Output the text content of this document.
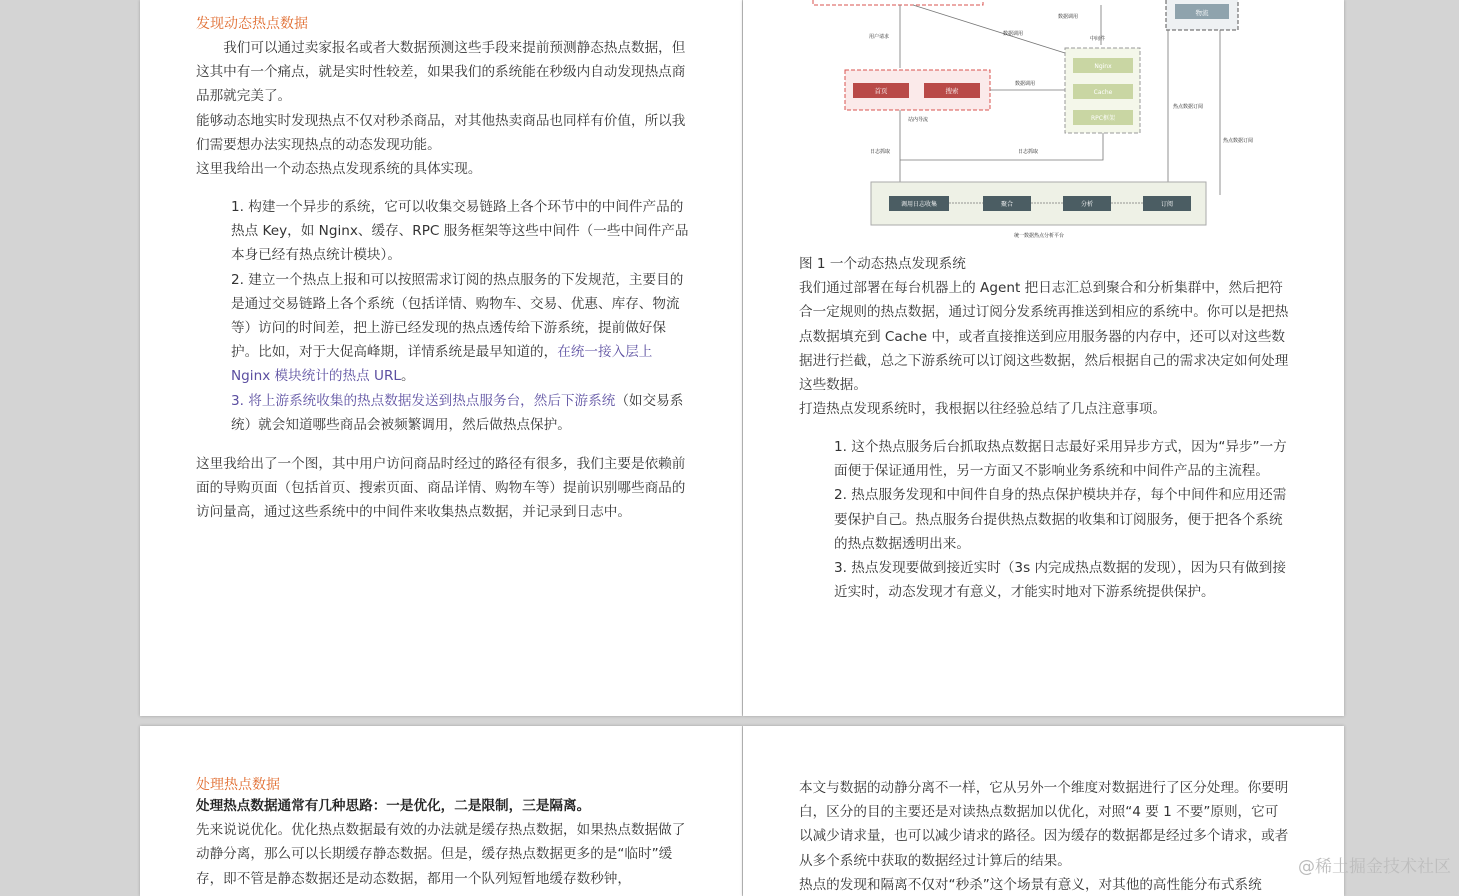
发现动态热点数据

我们可以通过卖家报名或者大数据预测这些手段来提前预测静态热点数据，但这其中有一个痛点，就是实时性较差，如果我们的系统能在秒级内自动发现热点商品那就完美了。

能够动态地实时发现热点不仅对秒杀商品，对其他热卖商品也同样有价值，所以我们需要想办法实现热点的动态发现功能。

这里我给出一个动态热点发现系统的具体实现。

1. 构建一个异步的系统，它可以收集交易链路上各个环节中的中间件产品的热点 Key，如 Nginx、缓存、RPC 服务框架等这些中间件（一些中间件产品本身已经有热点统计模块）。

2. 建立一个热点上报和可以按照需求订阅的热点服务的下发规范，主要目的是通过交易链路上各个系统（包括详情、购物车、交易、优惠、库存、物流等）访问的时间差，把上游已经发现的热点透传给下游系统，提前做好保护。比如，对于大促高峰期，详情系统是最早知道的，在统一接入层上 Nginx 模块统计的热点 URL。

3. 将上游系统收集的热点数据发送到热点服务台，然后下游系统（如交易系统）就会知道哪些商品会被频繁调用，然后做热点保护。

这里我给出了一个图，其中用户访问商品时经过的路径有很多，我们主要是依赖前面的导购页面（包括首页、搜索页面、商品详情、购物车等）提前识别哪些商品的访问量高，通过这些系统中的中间件来收集热点数据，并记录到日志中。

物流
用户请求	数据调用
数据调用
中间件
首页	搜索
站内导流
数据调用
Nginx
Cache
RPC框架
热点数据订阅
热点数据订阅
日志抓取	日志抓取
调用日志收集	聚合	分析	订阅
统一数据热点分析平台

图 1 一个动态热点发现系统

我们通过部署在每台机器上的 Agent 把日志汇总到聚合和分析集群中，然后把符合一定规则的热点数据，通过订阅分发系统再推送到相应的系统中。你可以是把热点数据填充到 Cache 中，或者直接推送到应用服务器的内存中，还可以对这些数据进行拦截，总之下游系统可以订阅这些数据，然后根据自己的需求决定如何处理这些数据。

打造热点发现系统时，我根据以往经验总结了几点注意事项。

1. 这个热点服务后台抓取热点数据日志最好采用异步方式，因为“异步”一方面便于保证通用性，另一方面又不影响业务系统和中间件产品的主流程。

2. 热点服务发现和中间件自身的热点保护模块并存，每个中间件和应用还需要保护自己。热点服务台提供热点数据的收集和订阅服务，便于把各个系统的热点数据透明出来。

3. 热点发现要做到接近实时（3s 内完成热点数据的发现），因为只有做到接近实时，动态发现才有意义，才能实时地对下游系统提供保护。

处理热点数据

处理热点数据通常有几种思路：一是优化，二是限制，三是隔离。

先来说说优化。优化热点数据最有效的办法就是缓存热点数据，如果热点数据做了动静分离，那么可以长期缓存静态数据。但是，缓存热点数据更多的是“临时”缓存，即不管是静态数据还是动态数据，都用一个队列短暂地缓存数秒钟，

本文与数据的动静分离不一样，它从另外一个维度对数据进行了区分处理。你要明白，区分的目的主要还是对读热点数据加以优化，对照“4 要 1 不要”原则，它可以减少请求量，也可以减少请求的路径。因为缓存的数据都是经过多个请求，或者从多个系统中获取的数据经过计算后的结果。

热点的发现和隔离不仅对“秒杀”这个场景有意义，对其他的高性能分布式系统

@稀土掘金技术社区
